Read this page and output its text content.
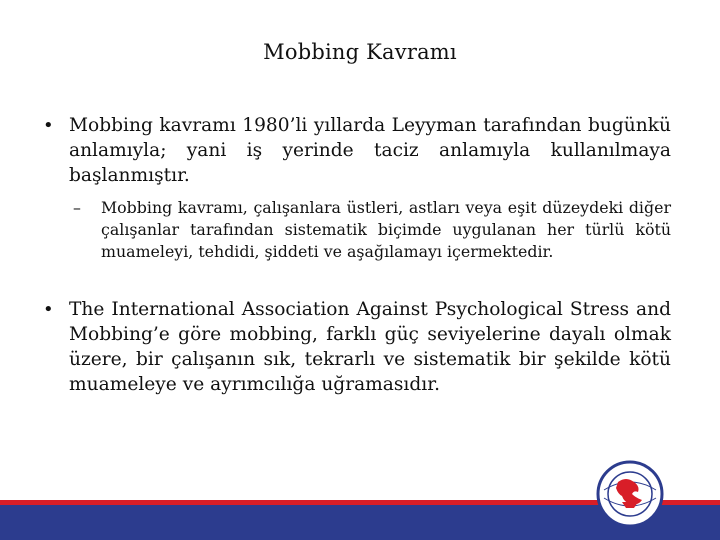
Mobbing Kavramı
• Mobbing kavramı 1980’li yıllarda Leyyman tarafından bugünkü anlamıyla; yani iş yerinde taciz anlamıyla kullanılmaya başlanmıştır.
– Mobbing kavramı, çalışanlara üstleri, astları veya eşit düzeydeki diğer çalışanlar tarafından sistematik biçimde uygulanan her türlü kötü muameleyi, tehdidi, şiddeti ve aşağılamayı içermektedir.
• The International Association Against Psychological Stress and Mobbing’e göre mobbing, farklı güç seviyelerine dayalı olmak üzere, bir çalışanın sık, tekrarlı ve sistematik bir şekilde kötü muameleye ve ayrımcılığa uğramasıdır.
